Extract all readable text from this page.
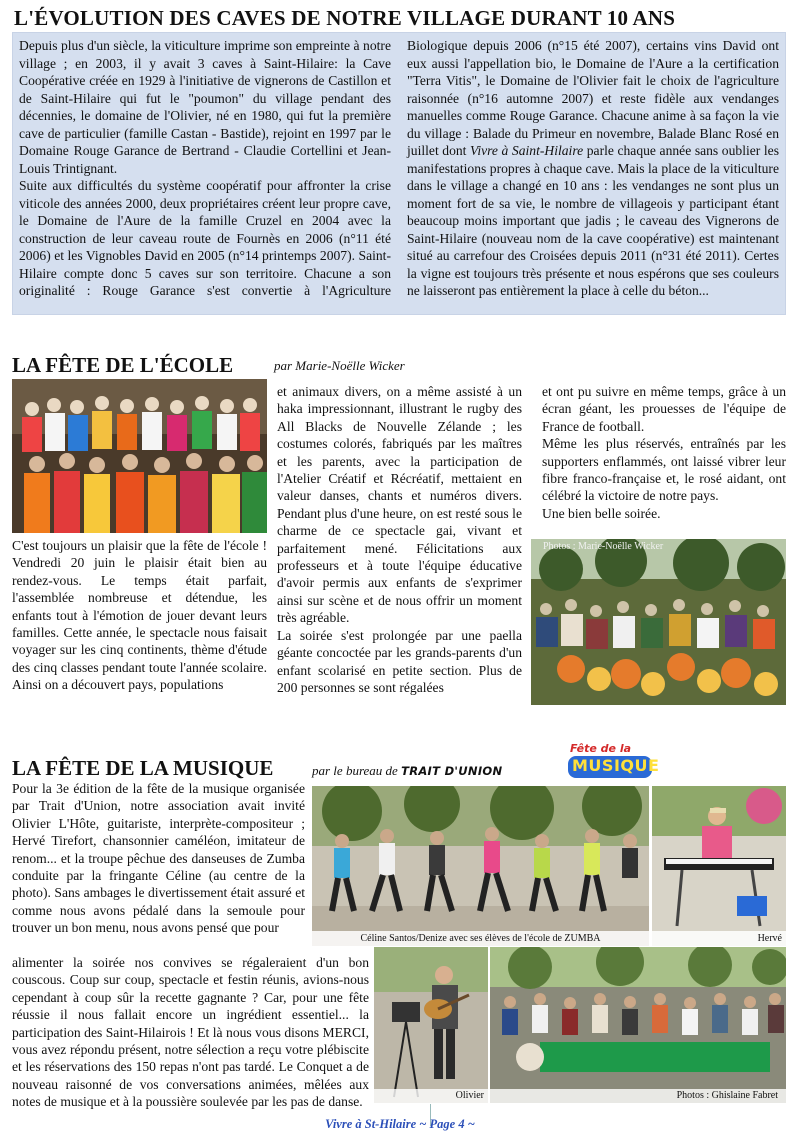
L'ÉVOLUTION DES CAVES DE NOTRE VILLAGE DURANT 10 ANS

Depuis plus d'un siècle, la viticulture imprime son empreinte à notre village ; en 2003, il y avait 3 caves à Saint-Hilaire: la Cave Coopérative créée en 1929 à l'initiative de vignerons de Castillon et de Saint-Hilaire qui fut le "poumon" du village pendant des décennies, le domaine de l'Olivier, né en 1980, qui fut la première cave de particulier (famille Castan - Bastide), rejoint en 1997 par le Domaine Rouge Garance de Bertrand - Claudie Cortellini et Jean-Louis Trintignant.

Suite aux difficultés du système coopératif pour affronter la crise viticole des années 2000, deux propriétaires créent leur propre cave, le Domaine de l'Aure de la famille Cruzel en 2004 avec la construction de leur caveau route de Fournès en 2006 (n°11 été 2006) et les Vignobles David en 2005 (n°14 printemps 2007). Saint-Hilaire compte donc 5 caves sur son territoire. Chacune a son originalité : Rouge Garance s'est convertie à l'Agriculture Biologique depuis 2006 (n°15 été 2007), certains vins David ont eux aussi l'appellation bio, le Domaine de l'Aure a la certification "Terra Vitis", le Domaine de l'Olivier fait le choix de l'agriculture raisonnée (n°16 automne 2007) et reste fidèle aux vendanges manuelles comme Rouge Garance. Chacune anime à sa façon la vie du village : Balade du Primeur en novembre, Balade Blanc Rosé en juillet dont Vivre à Saint-Hilaire parle chaque année sans oublier les manifestations propres à chaque cave. Mais la place de la viticulture dans le village a changé en 10 ans : les vendanges ne sont plus un moment fort de sa vie, le nombre de villageois y participant étant beaucoup moins important que jadis ; le caveau des Vignerons de Saint-Hilaire (nouveau nom de la cave coopérative) est maintenant situé au carrefour des Croisées depuis 2011 (n°31 été 2011). Certes la vigne est toujours très présente et nous espérons que ses couleurs ne laisseront pas entièrement la place à celle du béton...

LA FÊTE DE L'ÉCOLE	par Marie-Noëlle Wicker

C'est toujours un plaisir que la fête de l'école ! Vendredi 20 juin le plaisir était bien au rendez-vous. Le temps était parfait, l'assemblée nombreuse et détendue, les enfants tout à l'émotion de jouer devant leurs familles. Cette année, le spectacle nous faisait voyager sur les cinq continents, thème d'étude des cinq classes pendant toute l'année scolaire. Ainsi on a découvert pays, populations

et animaux divers, on a même assisté à un haka impressionnant, illustrant le rugby des All Blacks de Nouvelle Zélande ; les costumes colorés, fabriqués par les maîtres et les parents, avec la participation de l'Atelier Créatif et Récréatif, mettaient en valeur danses, chants et numéros divers. Pendant plus d'une heure, on est resté sous le charme de ce spectacle gai, vivant et parfaitement mené. Félicitations aux professeurs et à toute l'équipe éducative d'avoir permis aux enfants de s'exprimer ainsi sur scène et de nous offrir un moment très agréable.

La soirée s'est prolongée par une paella géante concoctée par les grands-parents d'un enfant scolarisé en petite section. Plus de 200 personnes se sont régalées

et ont pu suivre en même temps, grâce à un écran géant, les prouesses de l'équipe de France de football.

Même les plus réservés, entraînés par les supporters enflammés, ont laissé vibrer leur fibre franco-française et, le rosé aidant, ont célébré la victoire de notre pays.

Une bien belle soirée.

Photos : Marie-Noëlle Wicker
LA FÊTE DE LA MUSIQUE	par le bureau de TRAIT D'UNION
Fête de la
MUSIQUE

Pour la 3e édition de la fête de la musique organisée par Trait d'Union, notre association avait invité Olivier L'Hôte, guitariste, interprète-compositeur ; Hervé Tirefort, chansonnier caméléon, imitateur de renom... et la troupe pêchue des danseuses de Zumba conduite par la fringante Céline (au centre de la photo). Sans ambages le divertissement était assuré et comme nous avons pédalé dans la semoule pour trouver un bon menu, nous avons pensé que pour

alimenter la soirée nos convives se régaleraient d'un bon couscous. Coup sur coup, spectacle et festin réunis, avions-nous cependant à coup sûr la recette gagnante ? Car, pour une fête réussie il nous fallait encore un ingrédient essentiel... la participation des Saint-Hilairois ! Et là nous vous disons MERCI, vous avez répondu présent, notre sélection a reçu votre plébiscite et les réservations des 150 repas n'ont pas tardé. Le Conquet a de nouveau raisonné de vos conversations animées, mêlées aux notes de musique et à la poussière soulevée par les pas de danse.

Céline Santos/Denize avec ses élèves de l'école de ZUMBA	Hervé
Olivier	Photos : Ghislaine Fabret
Vivre à St-Hilaire ~ Page 4 ~
